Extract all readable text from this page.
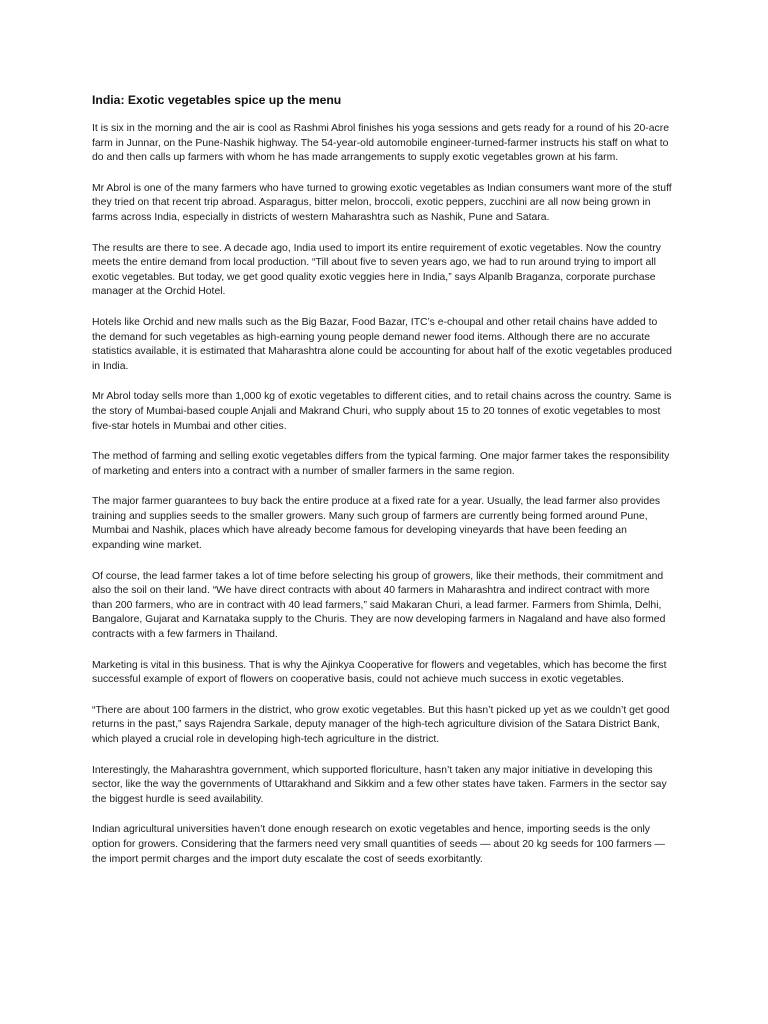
India: Exotic vegetables spice up the menu

It is six in the morning and the air is cool as Rashmi Abrol finishes his yoga sessions and gets ready for a round of his 20-acre farm in Junnar, on the Pune-Nashik highway. The 54-year-old automobile engineer-turned-farmer instructs his staff on what to do and then calls up farmers with whom he has made arrangements to supply exotic vegetables grown at his farm.

Mr Abrol is one of the many farmers who have turned to growing exotic vegetables as Indian consumers want more of the stuff they tried on that recent trip abroad. Asparagus, bitter melon, broccoli, exotic peppers, zucchini are all now being grown in farms across India, especially in districts of western Maharashtra such as Nashik, Pune and Satara.

The results are there to see. A decade ago, India used to import its entire requirement of exotic vegetables. Now the country meets the entire demand from local production. “Till about five to seven years ago, we had to run around trying to import all exotic vegetables. But today, we get good quality exotic veggies here in India,” says Alpanlb Braganza, corporate purchase manager at the Orchid Hotel.

Hotels like Orchid and new malls such as the Big Bazar, Food Bazar, ITC’s e-choupal and other retail chains have added to the demand for such vegetables as high-earning young people demand newer food items. Although there are no accurate statistics available, it is estimated that Maharashtra alone could be accounting for about half of the exotic vegetables produced in India.

Mr Abrol today sells more than 1,000 kg of exotic vegetables to different cities, and to retail chains across the country. Same is the story of Mumbai-based couple Anjali and Makrand Churi, who supply about 15 to 20 tonnes of exotic vegetables to most five-star hotels in Mumbai and other cities.

The method of farming and selling exotic vegetables differs from the typical farming. One major farmer takes the responsibility of marketing and enters into a contract with a number of smaller farmers in the same region.

The major farmer guarantees to buy back the entire produce at a fixed rate for a year. Usually, the lead farmer also provides training and supplies seeds to the smaller growers. Many such group of farmers are currently being formed around Pune, Mumbai and Nashik, places which have already become famous for developing vineyards that have been feeding an expanding wine market.

Of course, the lead farmer takes a lot of time before selecting his group of growers, like their methods, their commitment and also the soil on their land. “We have direct contracts with about 40 farmers in Maharashtra and indirect contract with more than 200 farmers, who are in contract with 40 lead farmers,” said Makaran Churi, a lead farmer. Farmers from Shimla, Delhi, Bangalore, Gujarat and Karnataka supply to the Churis. They are now developing farmers in Nagaland and have also formed contracts with a few farmers in Thailand.

Marketing is vital in this business. That is why the Ajinkya Cooperative for flowers and vegetables, which has become the first successful example of export of flowers on cooperative basis, could not achieve much success in exotic vegetables.

“There are about 100 farmers in the district, who grow exotic vegetables. But this hasn’t picked up yet as we couldn’t get good returns in the past,” says Rajendra Sarkale, deputy manager of the high-tech agriculture division of the Satara District Bank, which played a crucial role in developing high-tech agriculture in the district.

Interestingly, the Maharashtra government, which supported floriculture, hasn’t taken any major initiative in developing this sector, like the way the governments of Uttarakhand and Sikkim and a few other states have taken. Farmers in the sector say the biggest hurdle is seed availability.

Indian agricultural universities haven’t done enough research on exotic vegetables and hence, importing seeds is the only option for growers. Considering that the farmers need very small quantities of seeds — about 20 kg seeds for 100 farmers — the import permit charges and the import duty escalate the cost of seeds exorbitantly.
